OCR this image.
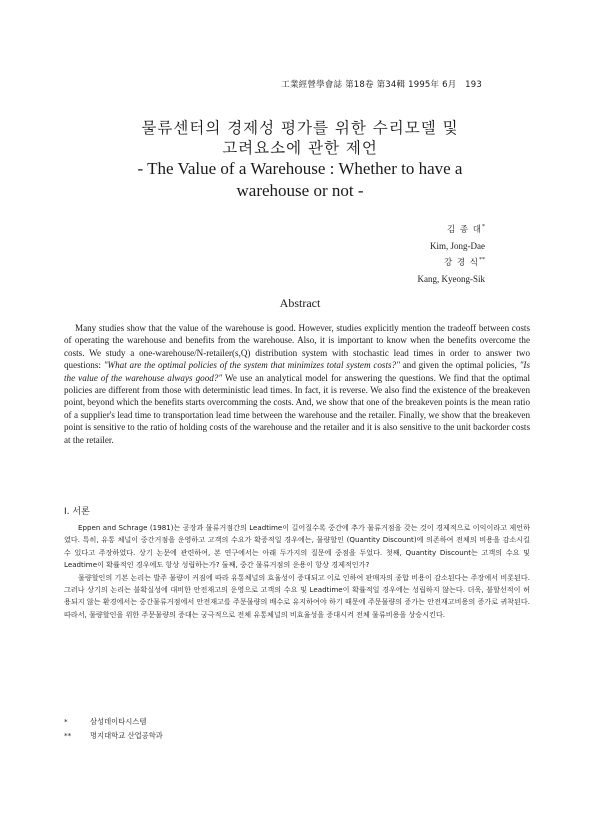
工業經營學會誌 第18卷 第34輯 1995年 6月 193
물류센터의 경제성 평가를 위한 수리모델 및
고려요소에 관한 제언
- The Value of a Warehouse : Whether to have a
warehouse or not -
김 종 대*
Kim, Jong-Dae
강 경 식**
Kang, Kyeong-Sik
Abstract

Many studies show that the value of the warehouse is good. However, studies explicitly mention the tradeoff between costs of operating the warehouse and benefits from the warehouse. Also, it is important to know when the benefits overcome the costs. We study a one-warehouse/N-retailer(s,Q) distribution system with stochastic lead times in order to answer two questions: "What are the optimal policies of the system that minimizes total system costs?" and given the optimal policies, "Is the value of the warehouse always good?" We use an analytical model for answering the questions. We find that the optimal policies are different from those with deterministic lead times. In fact, it is reverse. We also find the existence of the breakeven point, beyond which the benefits starts overcomming the costs. And, we show that one of the breakeven points is the mean ratio of a supplier's lead time to transportation lead time between the warehouse and the retailer. Finally, we show that the breakeven point is sensitive to the ratio of holding costs of the warehouse and the retailer and it is also sensitive to the unit backorder costs at the retailer.

I. 서론

Eppen and Schrage (1981)는 공장과 물류거점간의 Leadtime이 길어질수록 중간에 추가 물류거점을 갖는 것이 경제적으로 이익이라고 제언하였다. 특히, 유통 체널이 중간거점을 운영하고 고객의 수요가 확증적일 경우에는, 물량할인 (Quantity Discount)에 의존하여 전체의 비용을 감소시킬수 있다고 주장하였다. 상기 논문에 관련하여, 본 연구에서는 아래 두가지의 질문에 중점을 두었다. 첫째, Quantity Discount는 고객의 수요 및 Leadtime이 확률적인 경우에도 항상 성립하는가? 둘째, 중간 물류거점의 운용이 항상 경제적인가?

물량할인의 기본 논리는 발주 물량이 커짐에 따라 유통체널의 효율성이 증대되고 이로 인하여 판매자의 종합 비용이 감소된다는 주장에서 비롯된다. 그러나 상기의 논리는 불확실성에 대비한 안전재고의 운영으로 고객의 수요 및 Leadtime이 확률적일 경우에는 성립하지 않는다. 더욱, 불할선적이 허용되지 않는 환경에서는 중간물류거점에서 안전재고를 주문물량의 배수로 유지하여야 하기 때문에 주문물량의 증가는 안전재고비용의 증가로 귀착된다. 따라서, 물량할인을 위한 주문물량의 증대는 궁극적으로 전체 유통체널의 비효율성을 증대시켜 전체 물류비용을 상승시킨다.

*	삼성데이타시스템
**	명지대학교 산업공학과
